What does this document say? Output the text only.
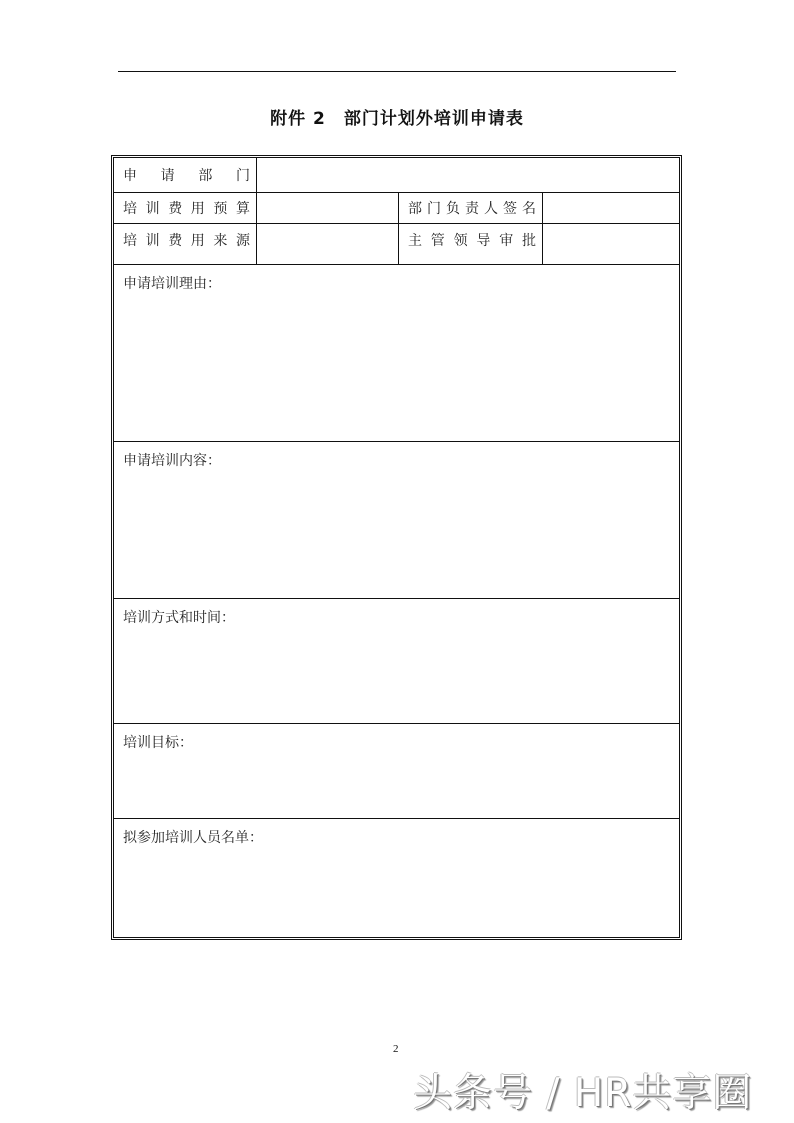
附件 2 部门计划外培训申请表
申 请 部 门
培 训 费 用 预 算	部 门 负 责 人 签 名
培 训 费 用 来 源	主 管 领 导 审 批
申请培训理由：
申请培训内容：
培训方式和时间：
培训目标：
拟参加培训人员名单：
2
头条号 / HR共享圈
